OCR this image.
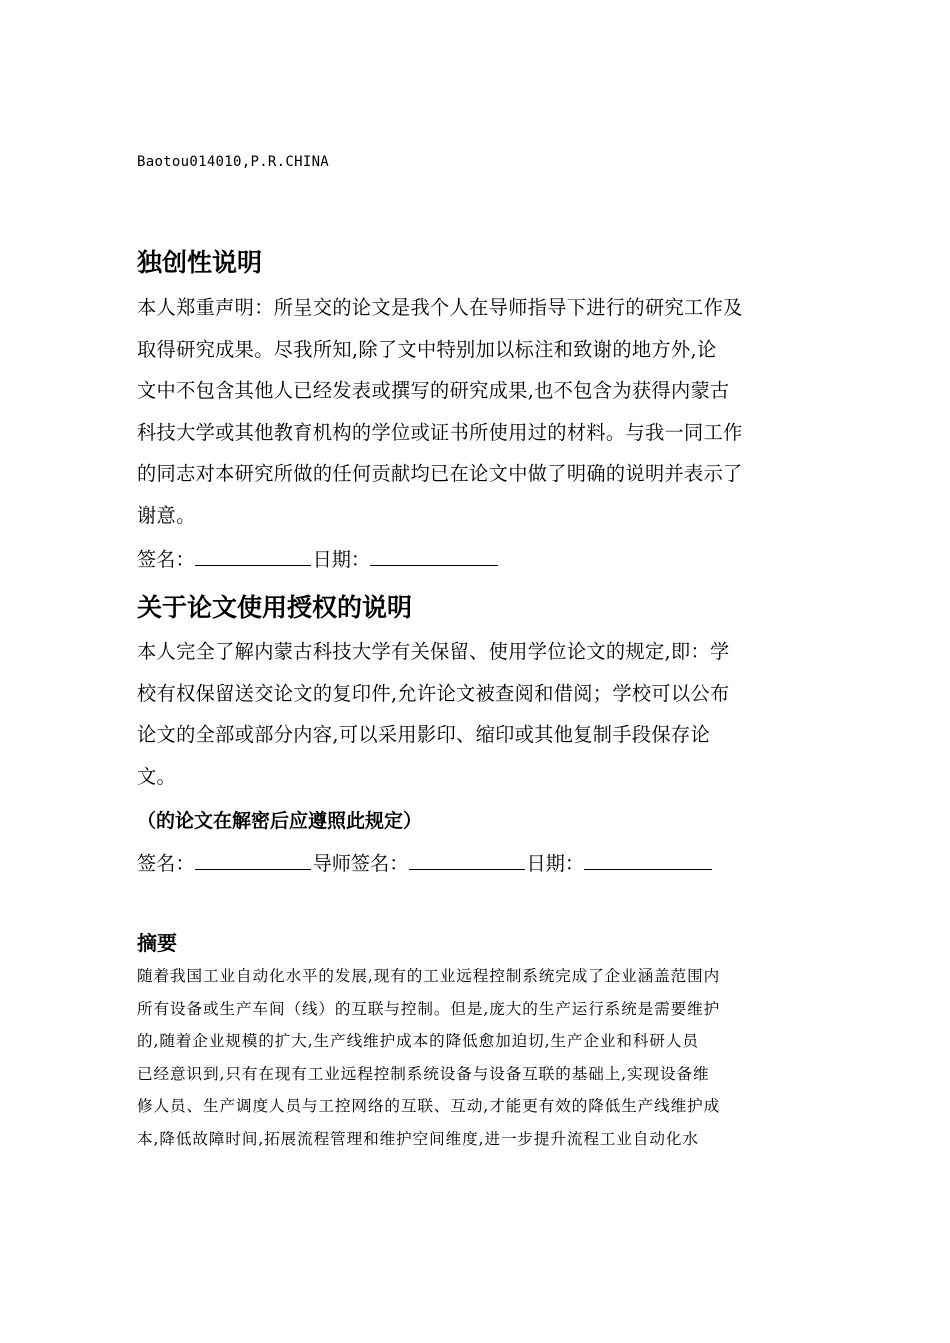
Baotou014010,P.R.CHINA
独创性说明

本人郑重声明：所呈交的论文是我个人在导师指导下进行的研究工作及
取得研究成果。尽我所知,除了文中特别加以标注和致谢的地方外,论
文中不包含其他人已经发表或撰写的研究成果,也不包含为获得内蒙古
科技大学或其他教育机构的学位或证书所使用过的材料。与我一同工作
的同志对本研究所做的任何贡献均已在论文中做了明确的说明并表示了
谢意。

签名：	日期：
关于论文使用授权的说明

本人完全了解内蒙古科技大学有关保留、使用学位论文的规定,即：学
校有权保留送交论文的复印件,允许论文被查阅和借阅；学校可以公布
论文的全部或部分内容,可以采用影印、缩印或其他复制手段保存论
文。

（的论文在解密后应遵照此规定）
签名：	导师签名：	日期：
摘要

随着我国工业自动化水平的发展,现有的工业远程控制系统完成了企业涵盖范围内
所有设备或生产车间（线）的互联与控制。但是,庞大的生产运行系统是需要维护
的,随着企业规模的扩大,生产线维护成本的降低愈加迫切,生产企业和科研人员
已经意识到,只有在现有工业远程控制系统设备与设备互联的基础上,实现设备维
修人员、生产调度人员与工控网络的互联、互动,才能更有效的降低生产线维护成
本,降低故障时间,拓展流程管理和维护空间维度,进一步提升流程工业自动化水
